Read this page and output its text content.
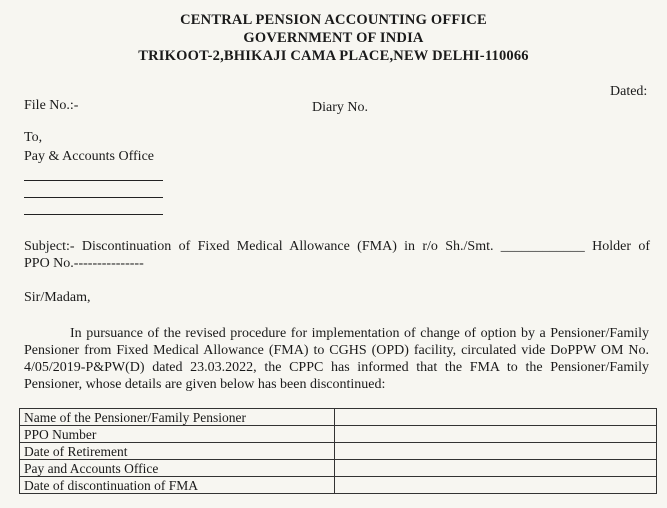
CENTRAL PENSION ACCOUNTING OFFICE
GOVERNMENT OF INDIA
TRIKOOT-2,BHIKAJI CAMA PLACE,NEW DELHI-110066
Dated:
File No.:-	Diary No.
To,
Pay & Accounts Office
Subject:- Discontinuation of Fixed Medical Allowance (FMA) in r/o Sh./Smt. ____________ Holder of
PPO No.---------------
Sir/Madam,
In pursuance of the revised procedure for implementation of change of option by a Pensioner/Family Pensioner from Fixed Medical Allowance (FMA) to CGHS (OPD) facility, circulated vide DoPPW OM No. 4/05/2019-P&PW(D) dated 23.03.2022, the CPPC has informed that the FMA to the Pensioner/Family Pensioner, whose details are given below has been discontinued:
Name of the Pensioner/Family Pensioner	
PPO Number	
Date of Retirement	
Pay and Accounts Office	
Date of discontinuation of FMA	
